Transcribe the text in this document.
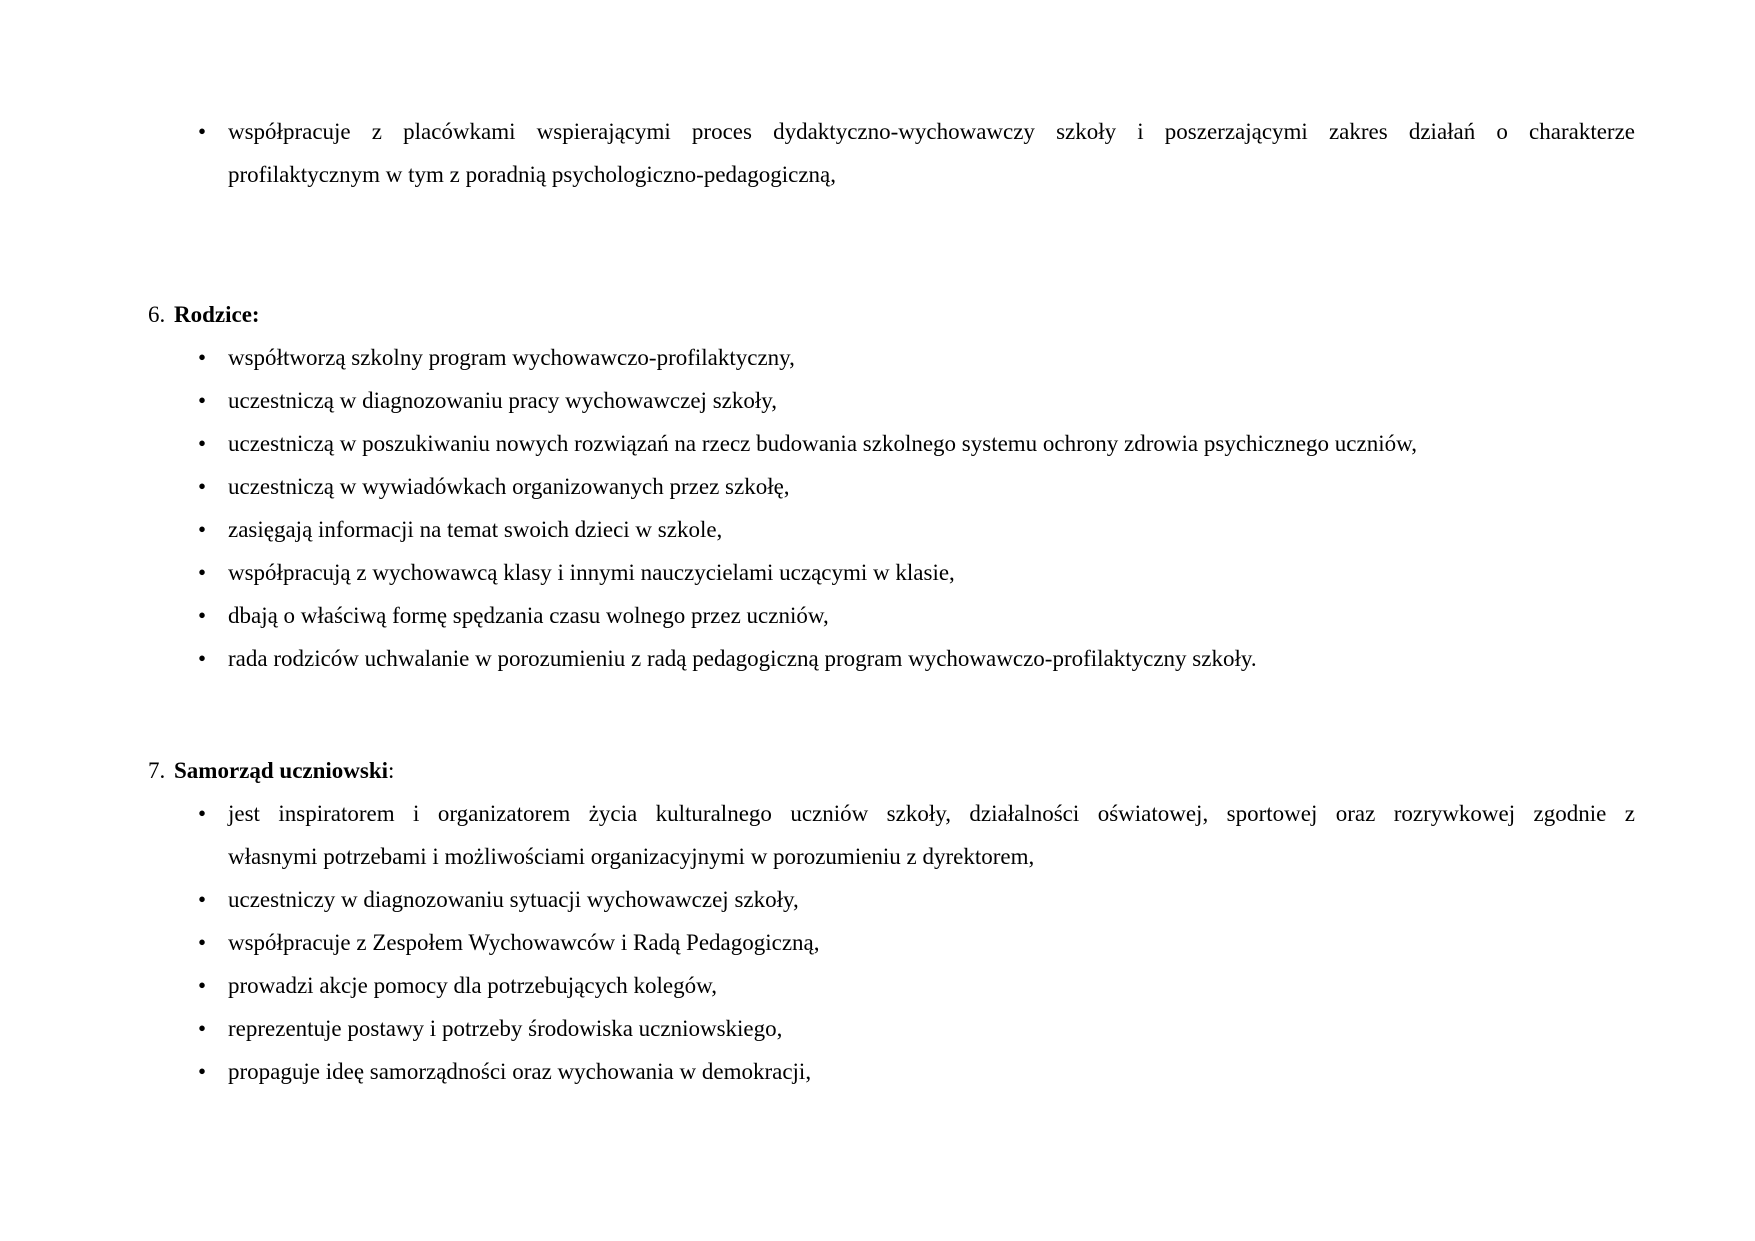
• współpracuje z placówkami wspierającymi proces dydaktyczno-wychowawczy szkoły i poszerzającymi zakres działań o charakterze
profilaktycznym w tym z poradnią psychologiczno-pedagogiczną,
6. Rodzice:
• współtworzą szkolny program wychowawczo-profilaktyczny,
• uczestniczą w diagnozowaniu pracy wychowawczej szkoły,
• uczestniczą w poszukiwaniu nowych rozwiązań na rzecz budowania szkolnego systemu ochrony zdrowia psychicznego uczniów,
• uczestniczą w wywiadówkach organizowanych przez szkołę,
• zasięgają informacji na temat swoich dzieci w szkole,
• współpracują z wychowawcą klasy i innymi nauczycielami uczącymi w klasie,
• dbają o właściwą formę spędzania czasu wolnego przez uczniów,
• rada rodziców uchwalanie w porozumieniu z radą pedagogiczną program wychowawczo-profilaktyczny szkoły.
7. Samorząd uczniowski:
• jest inspiratorem i organizatorem życia kulturalnego uczniów szkoły, działalności oświatowej, sportowej oraz rozrywkowej zgodnie z
własnymi potrzebami i możliwościami organizacyjnymi w porozumieniu z dyrektorem,
• uczestniczy w diagnozowaniu sytuacji wychowawczej szkoły,
• współpracuje z Zespołem Wychowawców i Radą Pedagogiczną,
• prowadzi akcje pomocy dla potrzebujących kolegów,
• reprezentuje postawy i potrzeby środowiska uczniowskiego,
• propaguje ideę samorządności oraz wychowania w demokracji,
